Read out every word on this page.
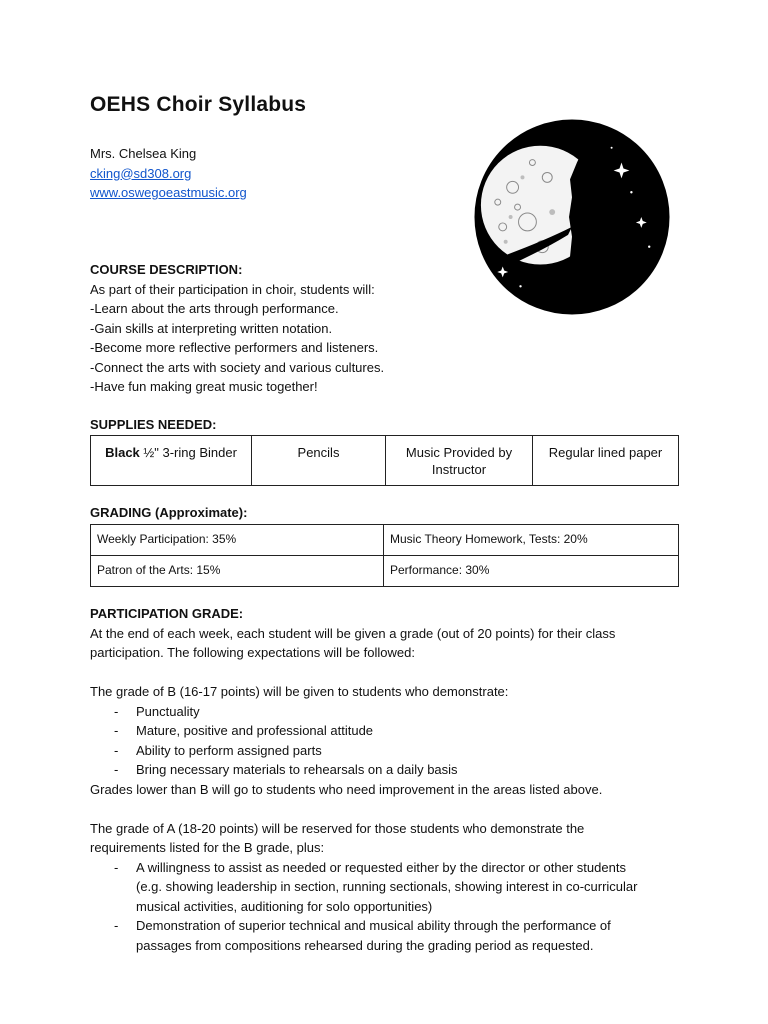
OEHS Choir Syllabus
Mrs. Chelsea King
cking@sd308.org
www.oswegoeastmusic.org
COURSE DESCRIPTION:
As part of their participation in choir, students will:
-Learn about the arts through performance.
-Gain skills at interpreting written notation.
-Become more reflective performers and listeners.
-Connect the arts with society and various cultures.
-Have fun making great music together!
SUPPLIES NEEDED:
Black ½" 3-ring Binder	Pencils	Music Provided by Instructor	Regular lined paper
GRADING (Approximate):
Weekly Participation: 35%	Music Theory Homework, Tests: 20%
Patron of the Arts: 15%	Performance: 30%
PARTICIPATION GRADE:
At the end of each week, each student will be given a grade (out of 20 points) for their class
participation. The following expectations will be followed:

The grade of B (16-17 points) will be given to students who demonstrate:
- Punctuality
- Mature, positive and professional attitude
- Ability to perform assigned parts
- Bring necessary materials to rehearsals on a daily basis
Grades lower than B will go to students who need improvement in the areas listed above.

The grade of A (18-20 points) will be reserved for those students who demonstrate the
requirements listed for the B grade, plus:
- A willingness to assist as needed or requested either by the director or other students
(e.g. showing leadership in section, running sectionals, showing interest in co-curricular
musical activities, auditioning for solo opportunities)
- Demonstration of superior technical and musical ability through the performance of
passages from compositions rehearsed during the grading period as requested.
